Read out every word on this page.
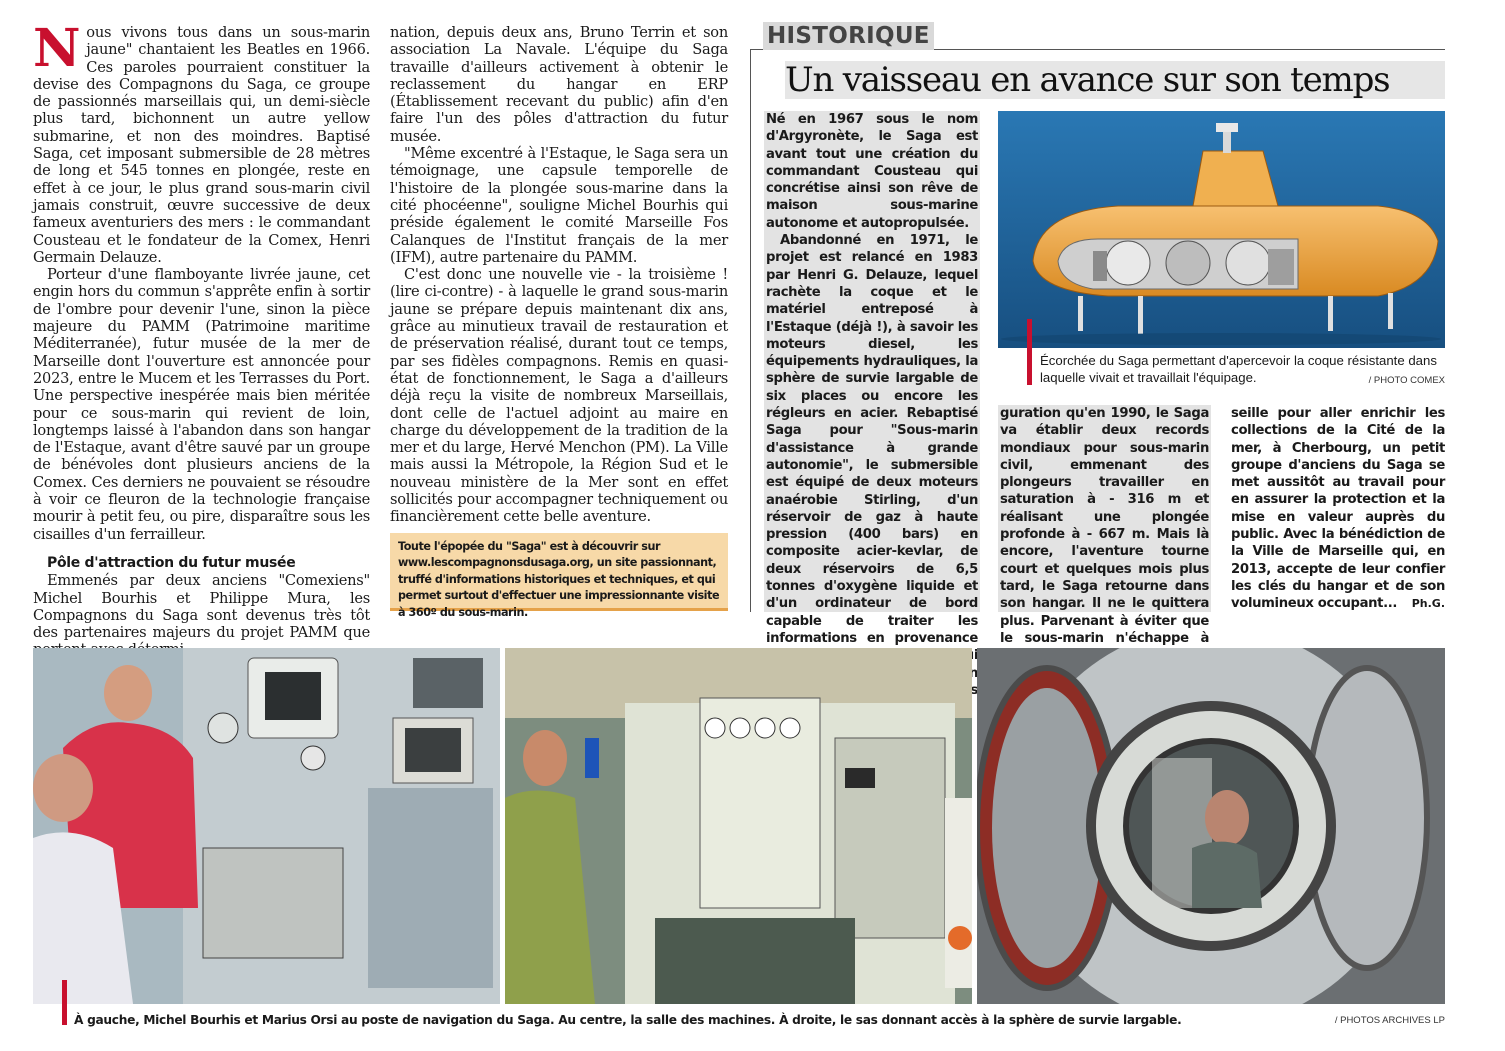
N ous vivons tous dans un sous-marin jaune" chantaient les Beatles en 1966. Ces paroles pourraient constituer la devise des Compagnons du Saga, ce groupe de passionnés marseillais qui, un demi-siècle plus tard, bichonnent un autre yellow submarine, et non des moindres. Baptisé Saga, cet imposant submersible de 28 mètres de long et 545 tonnes en plongée, reste en effet à ce jour, le plus grand sous-marin civil jamais construit, œuvre successive de deux fameux aventuriers des mers : le commandant Cousteau et le fondateur de la Comex, Henri Germain Delauze.

Porteur d'une flamboyante livrée jaune, cet engin hors du commun s'apprête enfin à sortir de l'ombre pour devenir l'une, sinon la pièce majeure du PAMM (Patrimoine maritime Méditerranée), futur musée de la mer de Marseille dont l'ouverture est annoncée pour 2023, entre le Mucem et les Terrasses du Port. Une perspective inespérée mais bien méritée pour ce sous-marin qui revient de loin, longtemps laissé à l'abandon dans son hangar de l'Estaque, avant d'être sauvé par un groupe de bénévoles dont plusieurs anciens de la Comex. Ces derniers ne pouvaient se résoudre à voir ce fleuron de la technologie française mourir à petit feu, ou pire, disparaître sous les cisailles d'un ferrailleur.

Pôle d'attraction du futur musée

Emmenés par deux anciens "Comexiens" Michel Bourhis et Philippe Mura, les Compagnons du Saga sont devenus très tôt des partenaires majeurs du projet PAMM que

nation, depuis deux ans, Bruno Terrin et son association La Navale. L'équipe du Saga travaille d'ailleurs activement à obtenir le reclassement du hangar en ERP (Établissement recevant du public) afin d'en faire l'un des pôles d'attraction du futur musée.

"Même excentré à l'Estaque, le Saga sera un témoignage, une capsule temporelle de l'histoire de la plongée sous-marine dans la cité phocéenne", souligne Michel Bourhis qui préside également le comité Marseille Fos Calanques de l'Institut français de la mer (IFM), autre partenaire du PAMM.

C'est donc une nouvelle vie - la troisième ! (lire ci-contre) - à laquelle le grand sous-marin jaune se prépare depuis maintenant dix ans, grâce au minutieux travail de restauration et de préservation réalisé, durant tout ce temps, par ses fidèles compagnons. Remis en quasi-état de fonctionnement, le Saga a d'ailleurs déjà reçu la visite de nombreux Marseillais, dont celle de l'actuel adjoint au maire en charge du développement de la tradition de la mer et du large, Hervé Menchon (PM). La Ville mais aussi la Métropole, la Région Sud et le nouveau ministère de la Mer sont en effet sollicités pour accompagner techniquement ou financièrement cette belle aventure.

Toute l'épopée du "Saga" est à découvrir sur www.lescompagnonsdusaga.org, un site passionnant, truffé d'informations historiques et techniques, et qui permet surtout d'effectuer une impressionnante visite à 360º du sous-marin.

HISTORIQUE
Un vaisseau en avance sur son temps

Né en 1967 sous le nom d'Argyronète, le Saga est avant tout une création du commandant Cousteau qui concrétise ainsi son rêve de maison sous-marine autonome et autopropulsée.

Abandonné en 1971, le projet est relancé en 1983 par Henri G. Delauze, lequel rachète la coque et le matériel entreposé à l'Estaque (déjà !), à savoir les moteurs diesel, les équipements hydrauliques, la sphère de survie largable de six places ou encore les régleurs en acier. Rebaptisé Saga pour "Sous-marin d'assistance à grande autonomie", le submersible est équipé de deux moteurs anaérobie Stirling, d'un réservoir de gaz à haute pression (400 bars) en composite acier-kevlar, de deux réservoirs de 6,5 tonnes d'oxygène liquide et d'un ordinateur de bord capable de traiter les informations en provenance

Écorchée du Saga permettant d'apercevoir la coque résistante dans laquelle vivait et travaillait l'équipage.	/ PHOTO COMEX

guration qu'en 1990, le Saga va établir deux records mondiaux pour sous-marin civil, emmenant des plongeurs travailler en saturation à - 316 m et réalisant une plongée profonde à - 667 m. Mais là encore, l'aventure tourne court et quelques mois plus tard, le Saga retourne dans son hangar. Il ne le quittera plus. Parvenant à éviter que le sous-marin n'échappe à

seille pour aller enrichir les collections de la Cité de la mer, à Cherbourg, un petit groupe d'anciens du Saga se met aussitôt au travail pour en assurer la protection et la mise en valeur auprès du public. Avec la bénédiction de la Ville de Marseille qui, en 2013, accepte de leur confier les clés du hangar et de son volumineux occupant...	Ph.G.

À gauche, Michel Bourhis et Marius Orsi au poste de navigation du Saga. Au centre, la salle des machines. À droite, le sas donnant accès à la sphère de survie largable.	/ PHOTOS ARCHIVES LP
